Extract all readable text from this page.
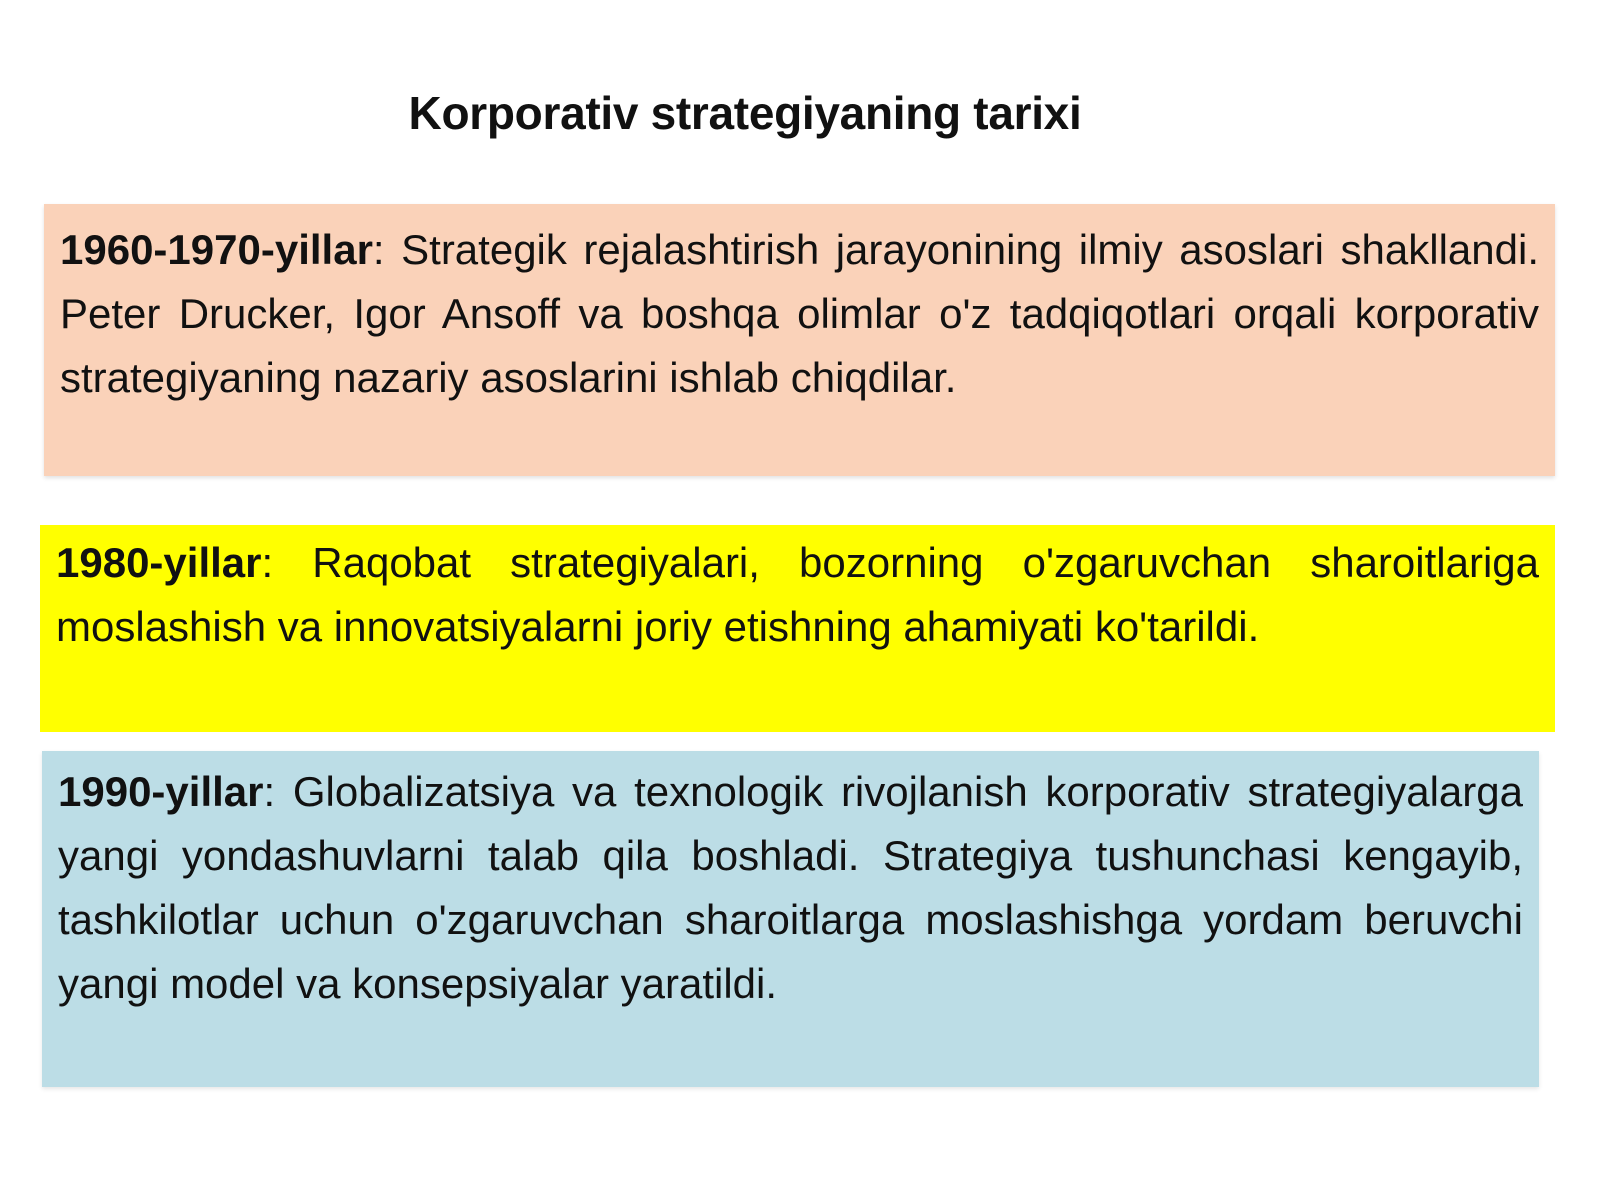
Korporativ strategiyaning tarixi
1960-1970-yillar: Strategik rejalashtirish jarayonining ilmiy asoslari shakllandi. Peter Drucker, Igor Ansoff va boshqa olimlar o'z tadqiqotlari orqali korporativ strategiyaning nazariy asoslarini ishlab chiqdilar.
1980-yillar: Raqobat strategiyalari, bozorning o'zgaruvchan sharoitlariga moslashish va innovatsiyalarni joriy etishning ahamiyati ko'tarildi.
1990-yillar: Globalizatsiya va texnologik rivojlanish korporativ strategiyalarga yangi yondashuvlarni talab qila boshladi. Strategiya tushunchasi kengayib, tashkilotlar uchun o'zgaruvchan sharoitlarga moslashishga yordam beruvchi yangi model va konsepsiyalar yaratildi.
